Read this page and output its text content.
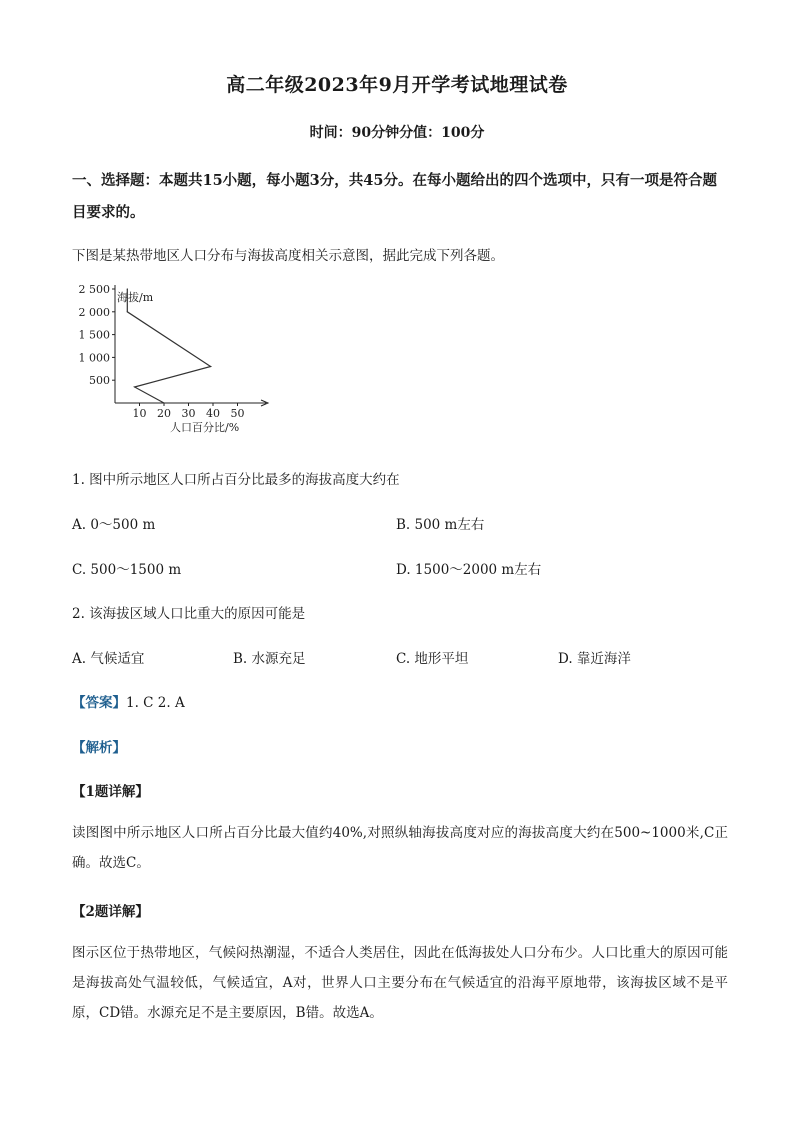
高二年级2023年9月开学考试地理试卷
时间：90分钟分值：100分
一、选择题：本题共15小题，每小题3分，共45分。在每小题给出的四个选项中，只有一项是符合题目要求的。
下图是某热带地区人口分布与海拔高度相关示意图，据此完成下列各题。
500
1 000
1 500
2 000
2 500
10 20 30 40 50
海拔/m
人口百分比/%
1. 图中所示地区人口所占百分比最多的海拔高度大约在
A. 0～500 m	B. 500 m左右
C. 500～1500 m	D. 1500～2000 m左右
2. 该海拔区域人口比重大的原因可能是
A. 气候适宜	B. 水源充足	C. 地形平坦	D. 靠近海洋
【答案】1. C 2. A
【解析】
【1题详解】
读图图中所示地区人口所占百分比最大值约40%,对照纵轴海拔高度对应的海拔高度大约在500~1000米,C正确。故选C。
【2题详解】
图示区位于热带地区，气候闷热潮湿，不适合人类居住，因此在低海拔处人口分布少。人口比重大的原因可能是海拔高处气温较低，气候适宜，A对，世界人口主要分布在气候适宜的沿海平原地带，该海拔区域不是平原，CD错。水源充足不是主要原因，B错。故选A。
